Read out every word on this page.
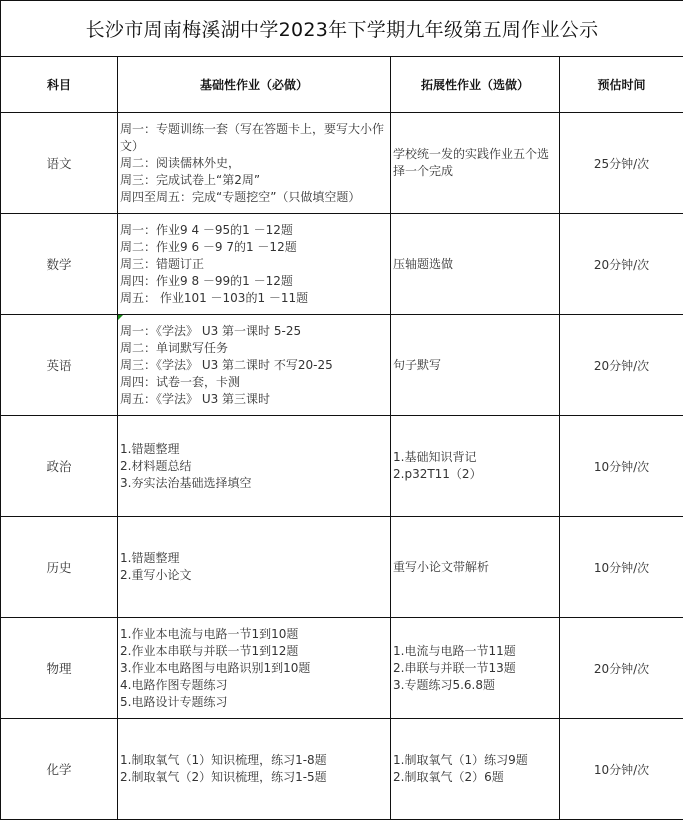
长沙市周南梅溪湖中学2023年下学期九年级第五周作业公示			
科目	基础性作业（必做）	拓展性作业（选做）	预估时间
语文	周一：专题训练一套（写在答题卡上，要写大小作文）
周二：阅读儒林外史，
周三：完成试卷上“第2周”
周四至周五：完成“专题挖空”（只做填空题）	学校统一发的实践作业五个选择一个完成	25分钟/次
数学	周一：作业9 4 －95的1 －12题
周二：作业9 6 －9 7的1 －12题
周三：错题订正
周四：作业9 8 －99的1 －12题
周五： 作业101 －103的1 －11题	压轴题选做	20分钟/次
英语	周一：《学法》 U3 第一课时 5-25
周二：单词默写任务
周三：《学法》 U3 第二课时 不写20-25
周四：试卷一套，卡测
周五：《学法》 U3 第三课时	句子默写	20分钟/次
政治	1.错题整理
2.材料题总结
3.夯实法治基础选择填空	1.基础知识背记
2.p32T11（2）	10分钟/次
历史	1.错题整理
2.重写小论文	重写小论文带解析	10分钟/次
物理	1.作业本电流与电路一节1到10题
2.作业本串联与并联一节1到12题
3.作业本电路图与电路识别1到10题
4.电路作图专题练习
5.电路设计专题练习	1.电流与电路一节11题
2.串联与并联一节13题
3.专题练习5.6.8题	20分钟/次
化学	1.制取氧气（1）知识梳理，练习1-8题
2.制取氧气（2）知识梳理，练习1-5题	1.制取氧气（1）练习9题
2.制取氧气（2）6题	10分钟/次
